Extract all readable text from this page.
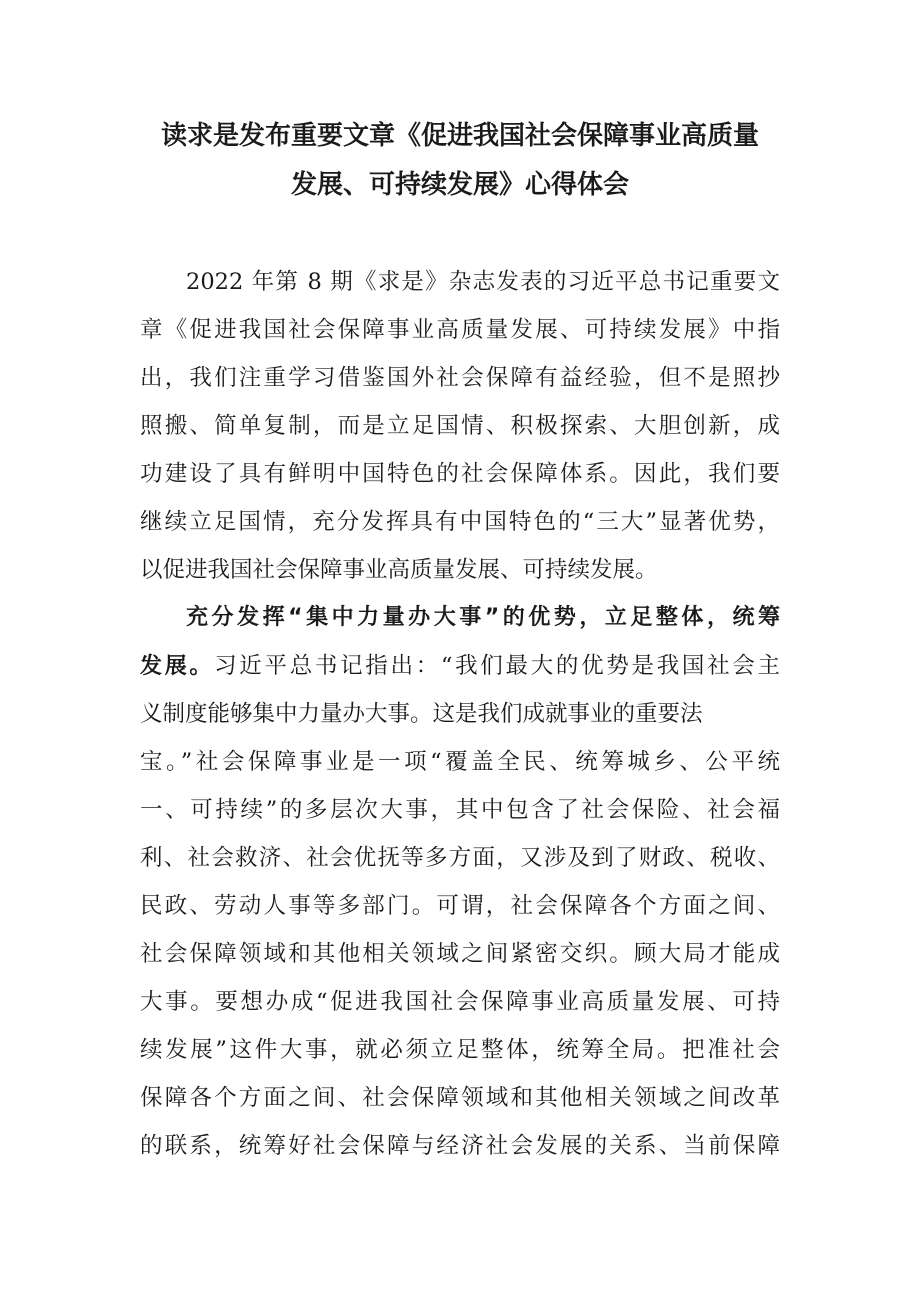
读求是发布重要文章《促进我国社会保障事业高质量
发展、可持续发展》心得体会
2022 年第 8 期《求是》杂志发表的习近平总书记重要文
章《促进我国社会保障事业高质量发展、可持续发展》中指
出，我们注重学习借鉴国外社会保障有益经验，但不是照抄
照搬、简单复制，而是立足国情、积极探索、大胆创新，成
功建设了具有鲜明中国特色的社会保障体系。因此，我们要
继续立足国情，充分发挥具有中国特色的“三大”显著优势，
以促进我国社会保障事业高质量发展、可持续发展。
充分发挥“集中力量办大事”的优势，立足整体，统筹
发展。习近平总书记指出：“我们最大的优势是我国社会主
义制度能够集中力量办大事。这是我们成就事业的重要法
宝。”社会保障事业是一项“覆盖全民、统筹城乡、公平统
一、可持续”的多层次大事，其中包含了社会保险、社会福
利、社会救济、社会优抚等多方面，又涉及到了财政、税收、
民政、劳动人事等多部门。可谓，社会保障各个方面之间、
社会保障领域和其他相关领域之间紧密交织。顾大局才能成
大事。要想办成“促进我国社会保障事业高质量发展、可持
续发展”这件大事，就必须立足整体，统筹全局。把准社会
保障各个方面之间、社会保障领域和其他相关领域之间改革
的联系，统筹好社会保障与经济社会发展的关系、当前保障
